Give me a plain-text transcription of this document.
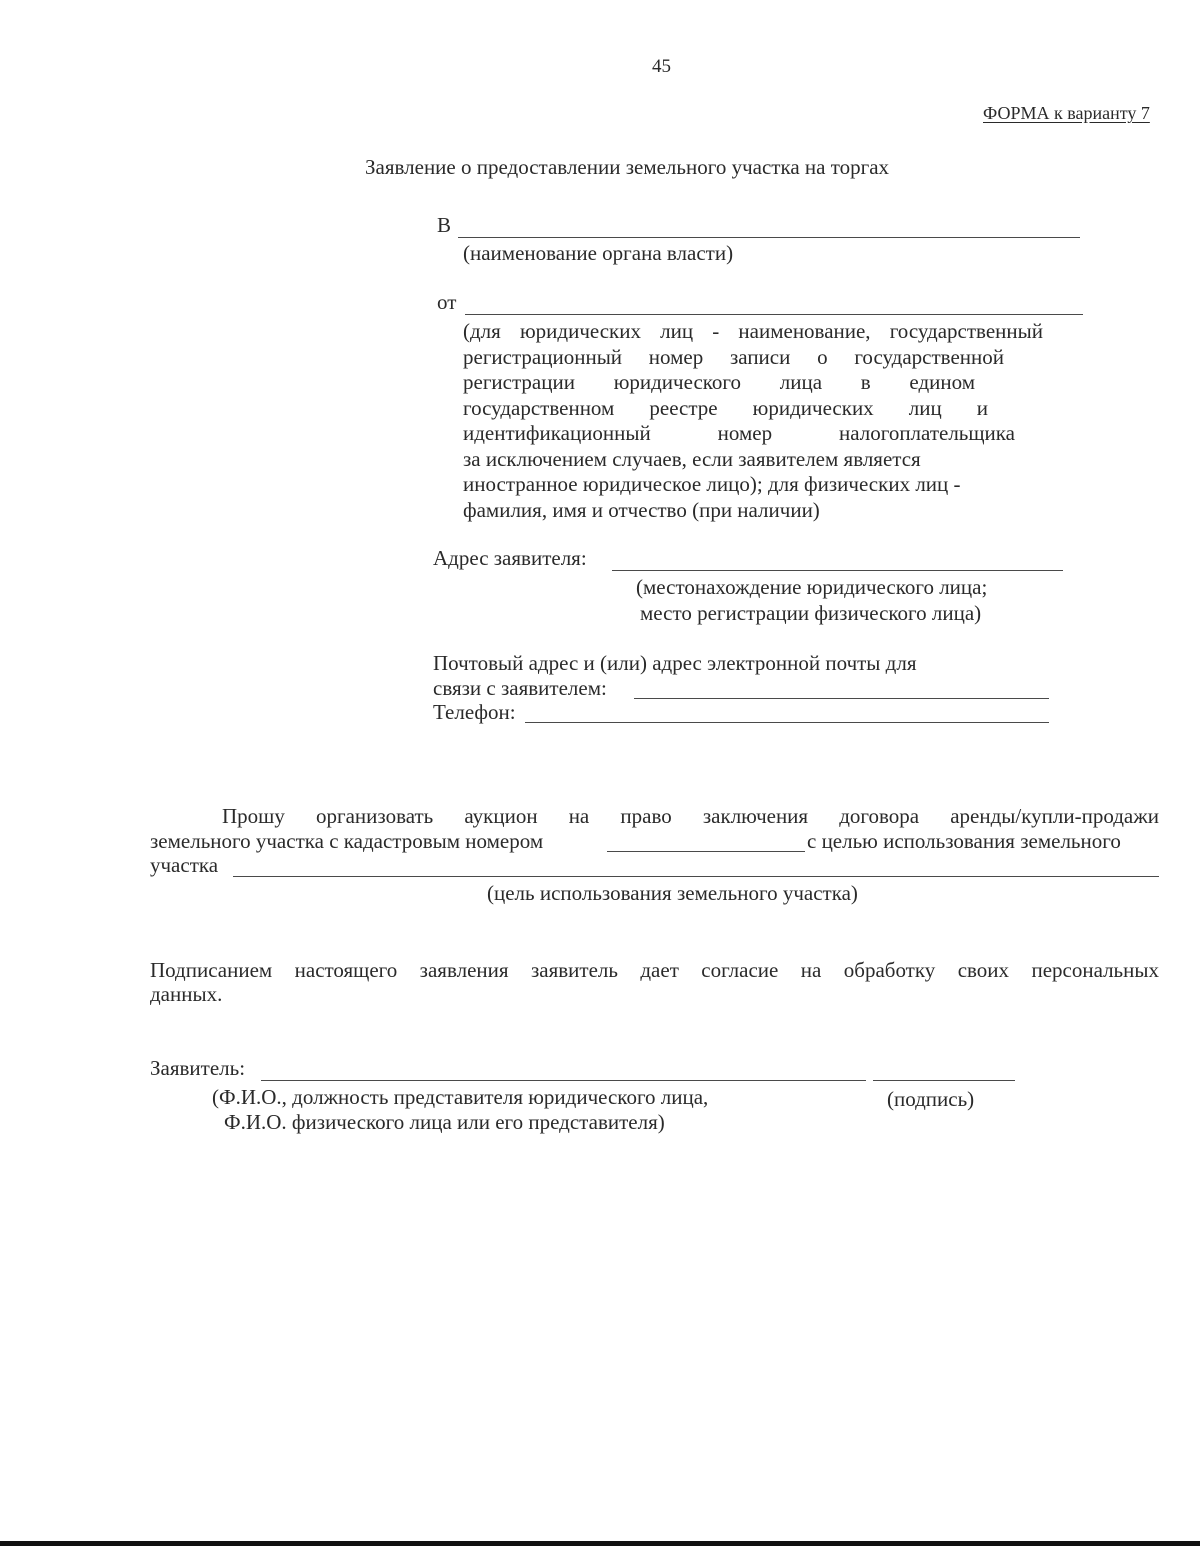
45
ФОРМА к варианту 7
Заявление о предоставлении земельного участка на торгах
В
(наименование органа власти)
от
(для юридических лиц - наименование, государственный
регистрационный номер записи о государственной
регистрации юридического лица в едином
государственном реестре юридических лиц и
идентификационный номер налогоплательщика
за исключением случаев, если заявителем является
иностранное юридическое лицо); для физических лиц -
фамилия, имя и отчество (при наличии)
Адрес заявителя:
(местонахождение юридического лица;
место регистрации физического лица)
Почтовый адрес и (или) адрес электронной почты для
связи с заявителем:
Телефон:
Прошу организовать аукцион на право заключения договора аренды/купли-продажи
земельного участка с кадастровым номером	с целью использования земельного
участка
(цель использования земельного участка)
Подписанием настоящего заявления заявитель дает согласие на обработку своих персональных
данных.
Заявитель:
(Ф.И.О., должность представителя юридического лица,	(подпись)
Ф.И.О. физического лица или его представителя)
